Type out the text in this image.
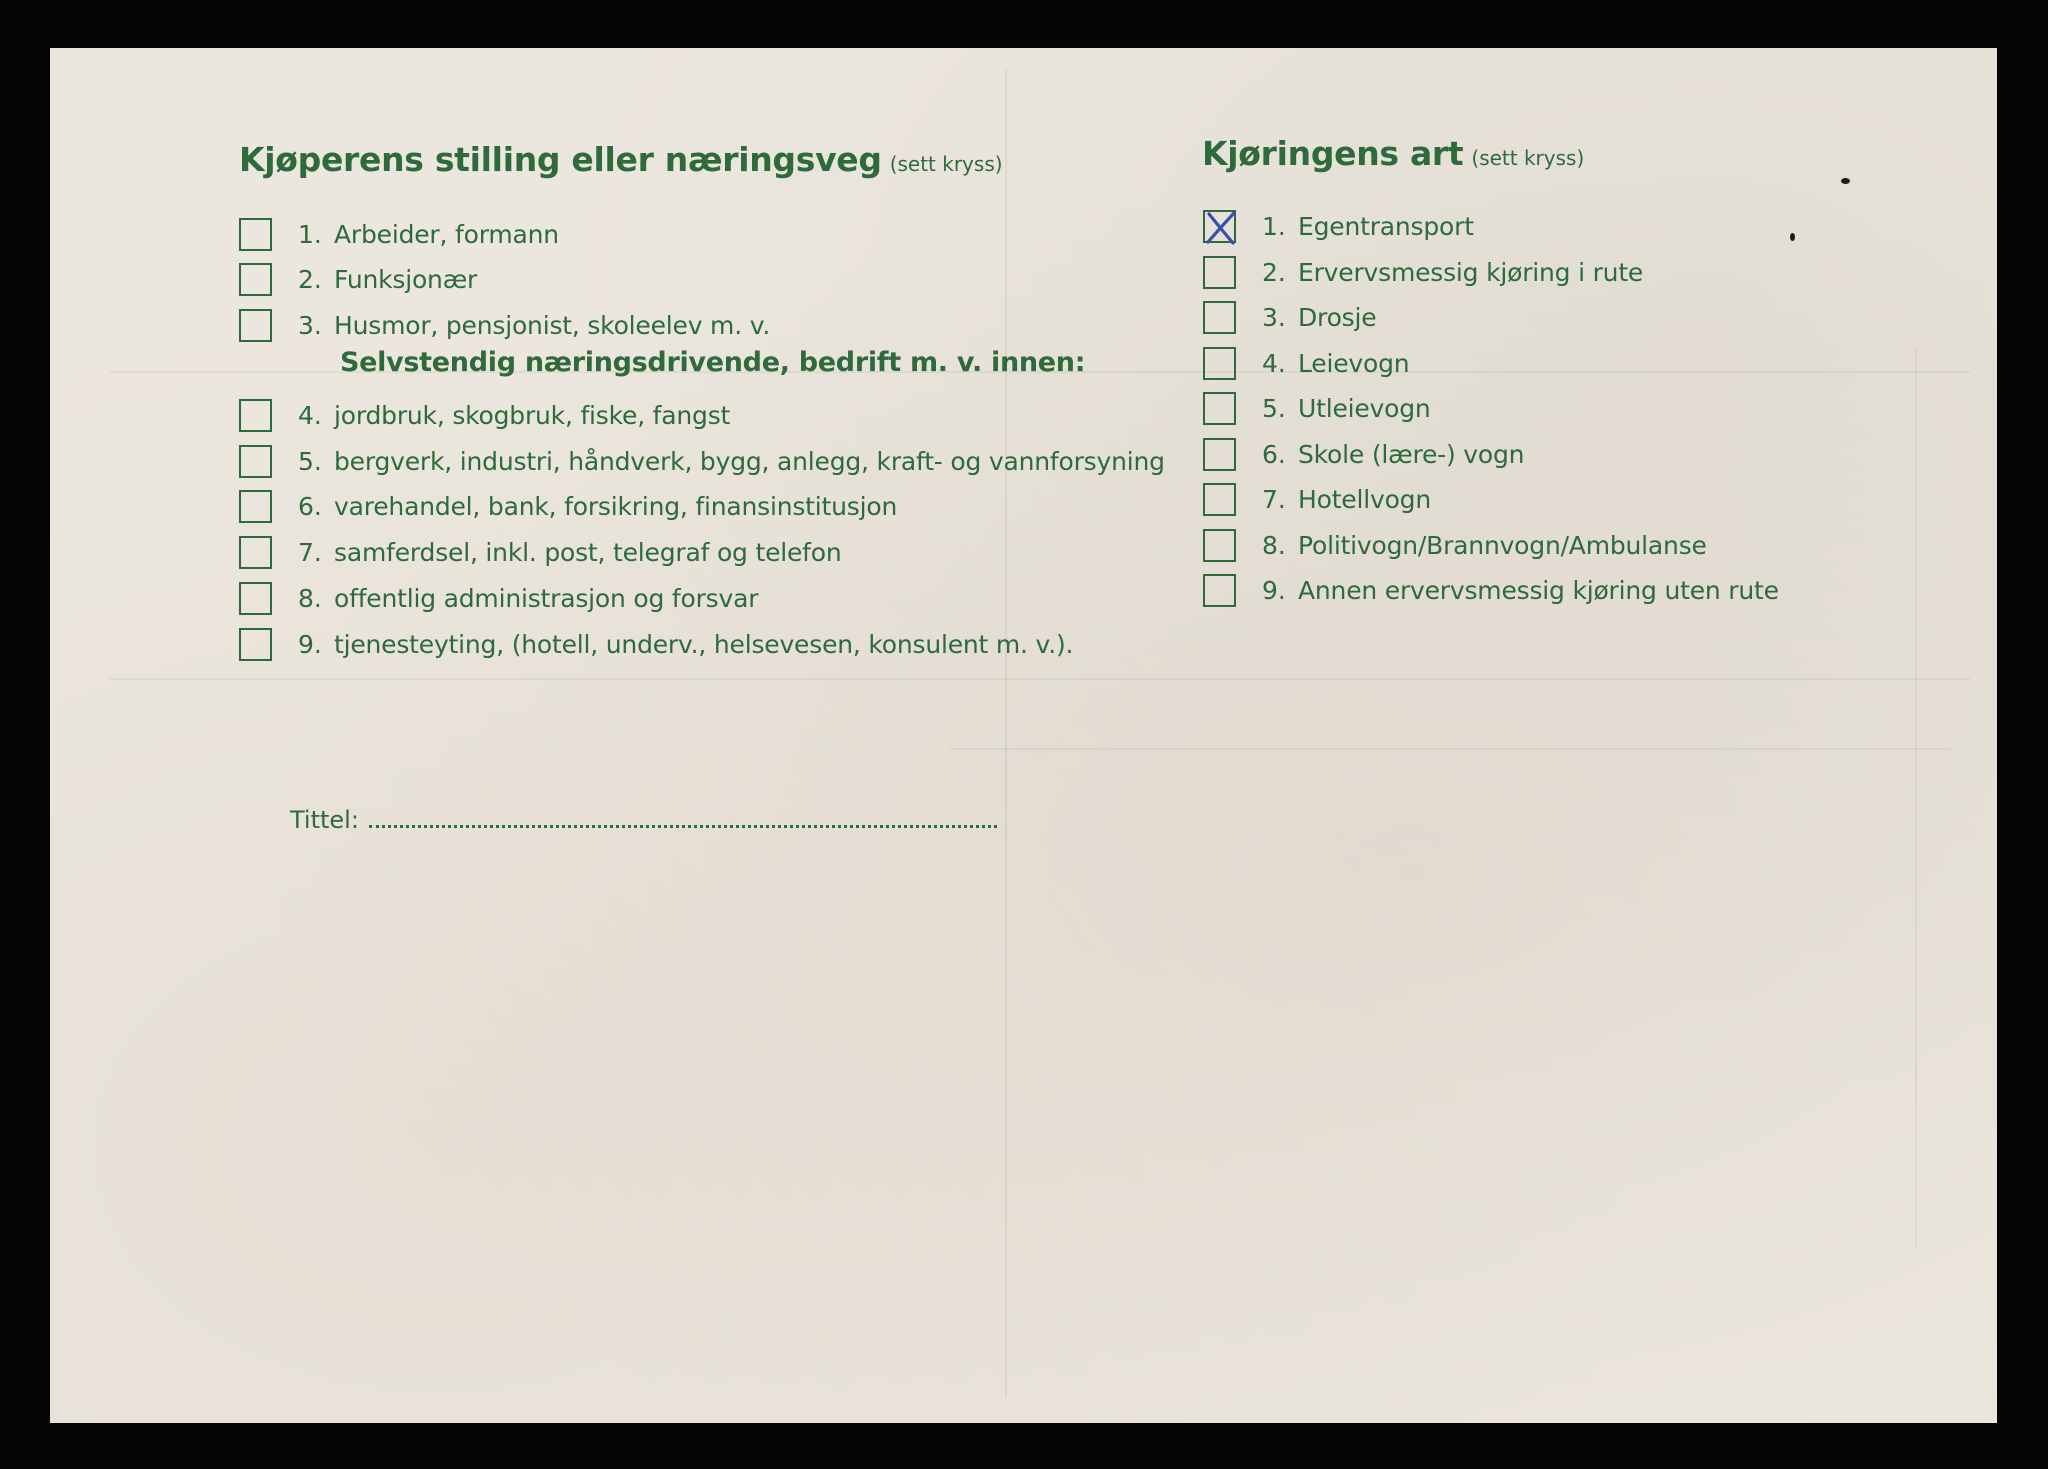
Kjøperens stilling eller næringsveg (sett kryss)
Selvstendig næringsdrivende, bedrift m. v. innen:
Tittel:
Kjøringens art (sett kryss)
1. Arbeider, formann
2. Funksjonær
3. Husmor, pensjonist, skoleelev m. v.
4. jordbruk, skogbruk, fiske, fangst
5. bergverk, industri, håndverk, bygg, anlegg, kraft- og vannforsyning
6. varehandel, bank, forsikring, finansinstitusjon
7. samferdsel, inkl. post, telegraf og telefon
8. offentlig administrasjon og forsvar
9. tjenesteyting, (hotell, underv., helsevesen, konsulent m. v.).
1. Egentransport
2. Ervervsmessig kjøring i rute
3. Drosje
4. Leievogn
5. Utleievogn
6. Skole (lære-) vogn
7. Hotellvogn
8. Politivogn/Brannvogn/Ambulanse
9. Annen ervervsmessig kjøring uten rute
